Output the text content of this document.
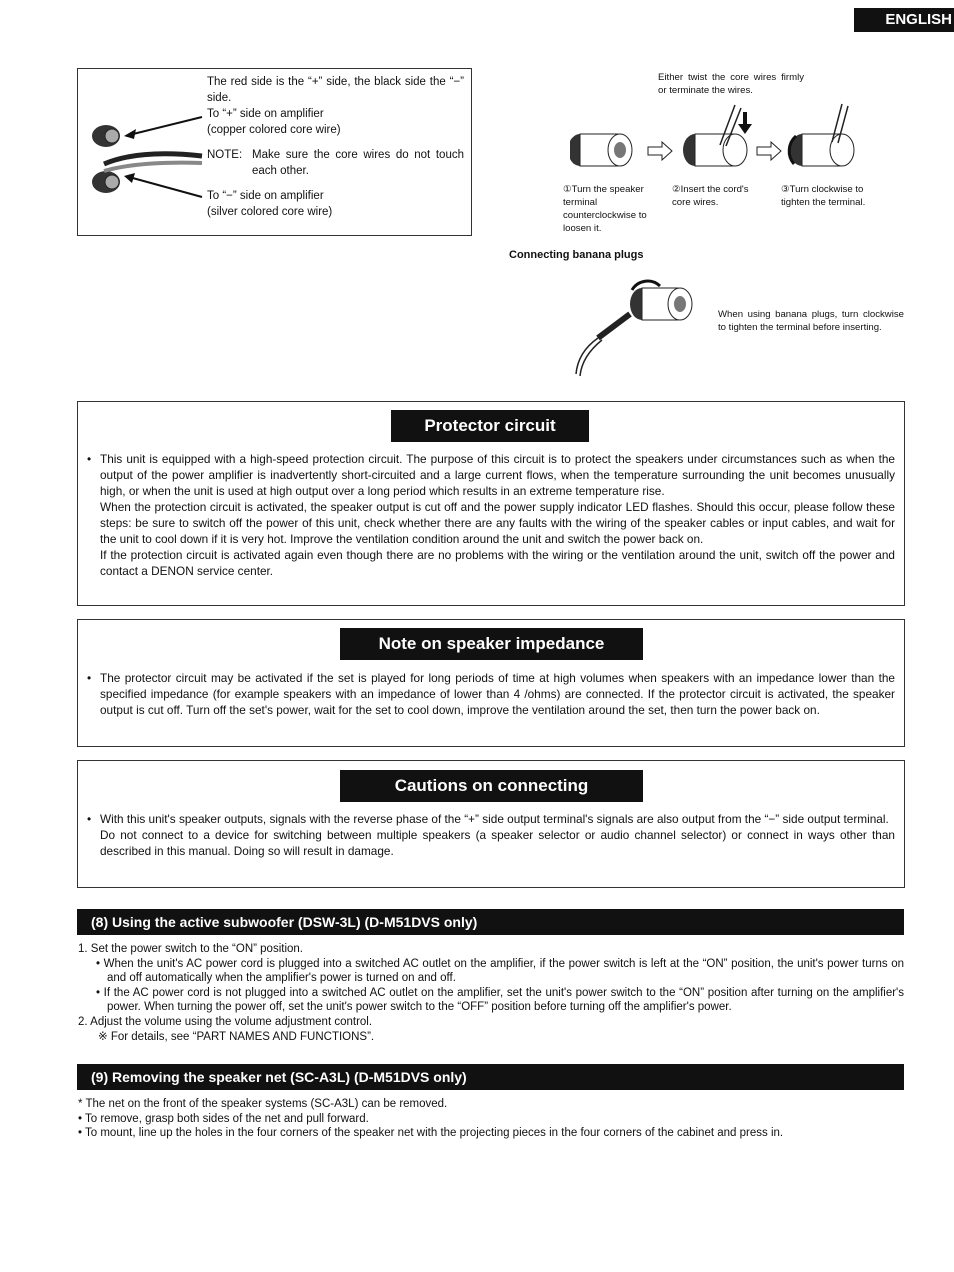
ENGLISH
The red side is the “+” side, the black side the “−” side.
To “+” side on amplifier
(copper colored core wire)
NOTE: Make sure the core wires do not touch each other.
To “−” side on amplifier
(silver colored core wire)
Either twist the core wires firmly or terminate the wires.
①Turn the speaker terminal counterclockwise to loosen it.
②Insert the cord's core wires.
③Turn clockwise to tighten the terminal.
Connecting banana plugs
When using banana plugs, turn clockwise to tighten the terminal before inserting.
Protector circuit
• This unit is equipped with a high-speed protection circuit. The purpose of this circuit is to protect the speakers under circumstances such as when the output of the power amplifier is inadvertently short-circuited and a large current flows, when the temperature surrounding the unit becomes unusually high, or when the unit is used at high output over a long period which results in an extreme temperature rise.

When the protection circuit is activated, the speaker output is cut off and the power supply indicator LED flashes. Should this occur, please follow these steps: be sure to switch off the power of this unit, check whether there are any faults with the wiring of the speaker cables or input cables, and wait for the unit to cool down if it is very hot. Improve the ventilation condition around the unit and switch the power back on.

If the protection circuit is activated again even though there are no problems with the wiring or the ventilation around the unit, switch off the power and contact a DENON service center.

Note on speaker impedance
• The protector circuit may be activated if the set is played for long periods of time at high volumes when speakers with an impedance lower than the specified impedance (for example speakers with an impedance of lower than 4 /ohms) are connected. If the protector circuit is activated, the speaker output is cut off. Turn off the set's power, wait for the set to cool down, improve the ventilation around the set, then turn the power back on.

Cautions on connecting
• With this unit's speaker outputs, signals with the reverse phase of the “+” side output terminal's signals are also output from the “−” side output terminal.

Do not connect to a device for switching between multiple speakers (a speaker selector or audio channel selector) or connect in ways other than described in this manual. Doing so will result in damage.

(8) Using the active subwoofer (DSW-3L) (D-M51DVS only)
1. Set the power switch to the “ON” position.
• When the unit's AC power cord is plugged into a switched AC outlet on the amplifier, if the power switch is left at the “ON” position, the unit's power turns on and off automatically when the amplifier's power is turned on and off.
• If the AC power cord is not plugged into a switched AC outlet on the amplifier, set the unit's power switch to the “ON” position after turning on the amplifier's power. When turning the power off, set the unit's power switch to the “OFF” position before turning off the amplifier's power.
2. Adjust the volume using the volume adjustment control.
※ For details, see “PART NAMES AND FUNCTIONS”.
(9) Removing the speaker net (SC-A3L) (D-M51DVS only)
* The net on the front of the speaker systems (SC-A3L) can be removed.
• To remove, grasp both sides of the net and pull forward.
• To mount, line up the holes in the four corners of the speaker net with the projecting pieces in the four corners of the cabinet and press in.
